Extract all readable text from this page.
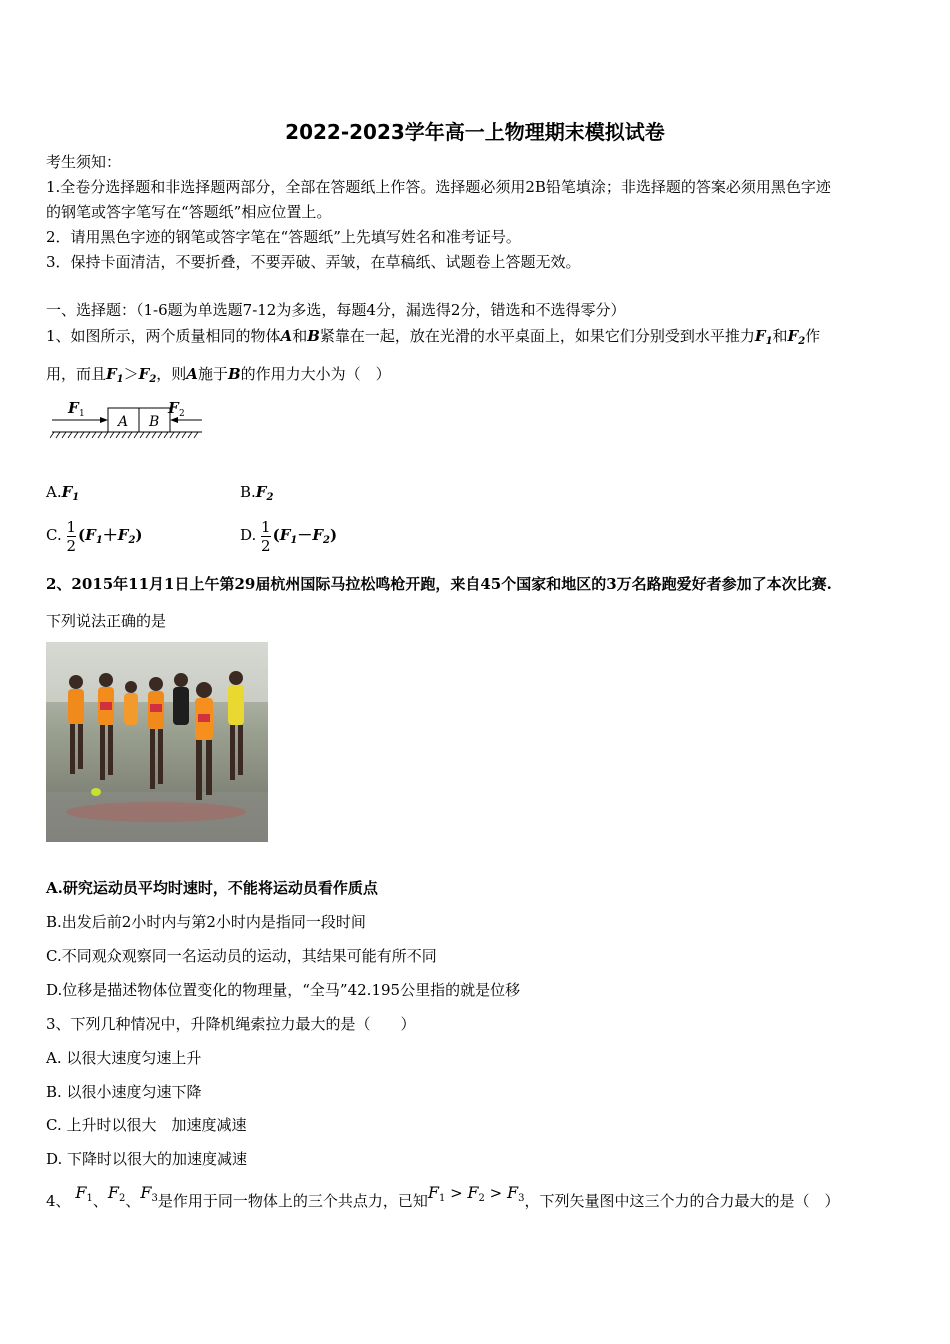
2022-2023学年高一上物理期末模拟试卷
考生须知：
1.全卷分选择题和非选择题两部分，全部在答题纸上作答。选择题必须用2B铅笔填涂；非选择题的答案必须用黑色字迹
的钢笔或答字笔写在“答题纸”相应位置上。
2．请用黑色字迹的钢笔或答字笔在“答题纸”上先填写姓名和准考证号。
3．保持卡面清洁，不要折叠，不要弄破、弄皱，在草稿纸、试题卷上答题无效。
一、选择题：（1-6题为单选题7-12为多选，每题4分，漏选得2分，错选和不选得零分）
1、如图所示，两个质量相同的物体A和B紧靠在一起，放在光滑的水平桌面上，如果它们分别受到水平推力$F_1$和$F_2$作
用，而且$F_1>F_2$，则A施于B的作用力大小为（　）
F 1 A B
F 2
$A.F_1$	$B.F_2$
C. $\frac{1}{2} (F_1+F_2)$	D. $\frac{1}{2} (F_1-F_2)$
2、2015年11月1日上午第29届杭州国际马拉松鸣枪开跑，来自45个国家和地区的3万名路跑爱好者参加了本次比赛.
下列说法正确的是
A.研究运动员平均时速时，不能将运动员看作质点
B.出发后前2小时内与第2小时内是指同一段时间
C.不同观众观察同一名运动员的运动，其结果可能有所不同
D.位移是描述物体位置变化的物理量，“全马”42.195公里指的就是位移
3、下列几种情况中，升降机绳索拉力最大的是（　　）
A. 以很大速度匀速上升
B. 以很小速度匀速下降
C. 上升时以很大　加速度减速
D. 下降时以很大的加速度减速
4、 $F_1$、$F_2$、$F_3$是作用于同一物体上的三个共点力，已知$F_1 > F_2 > F_3$，下列矢量图中这三个力的合力最大的是（　）
